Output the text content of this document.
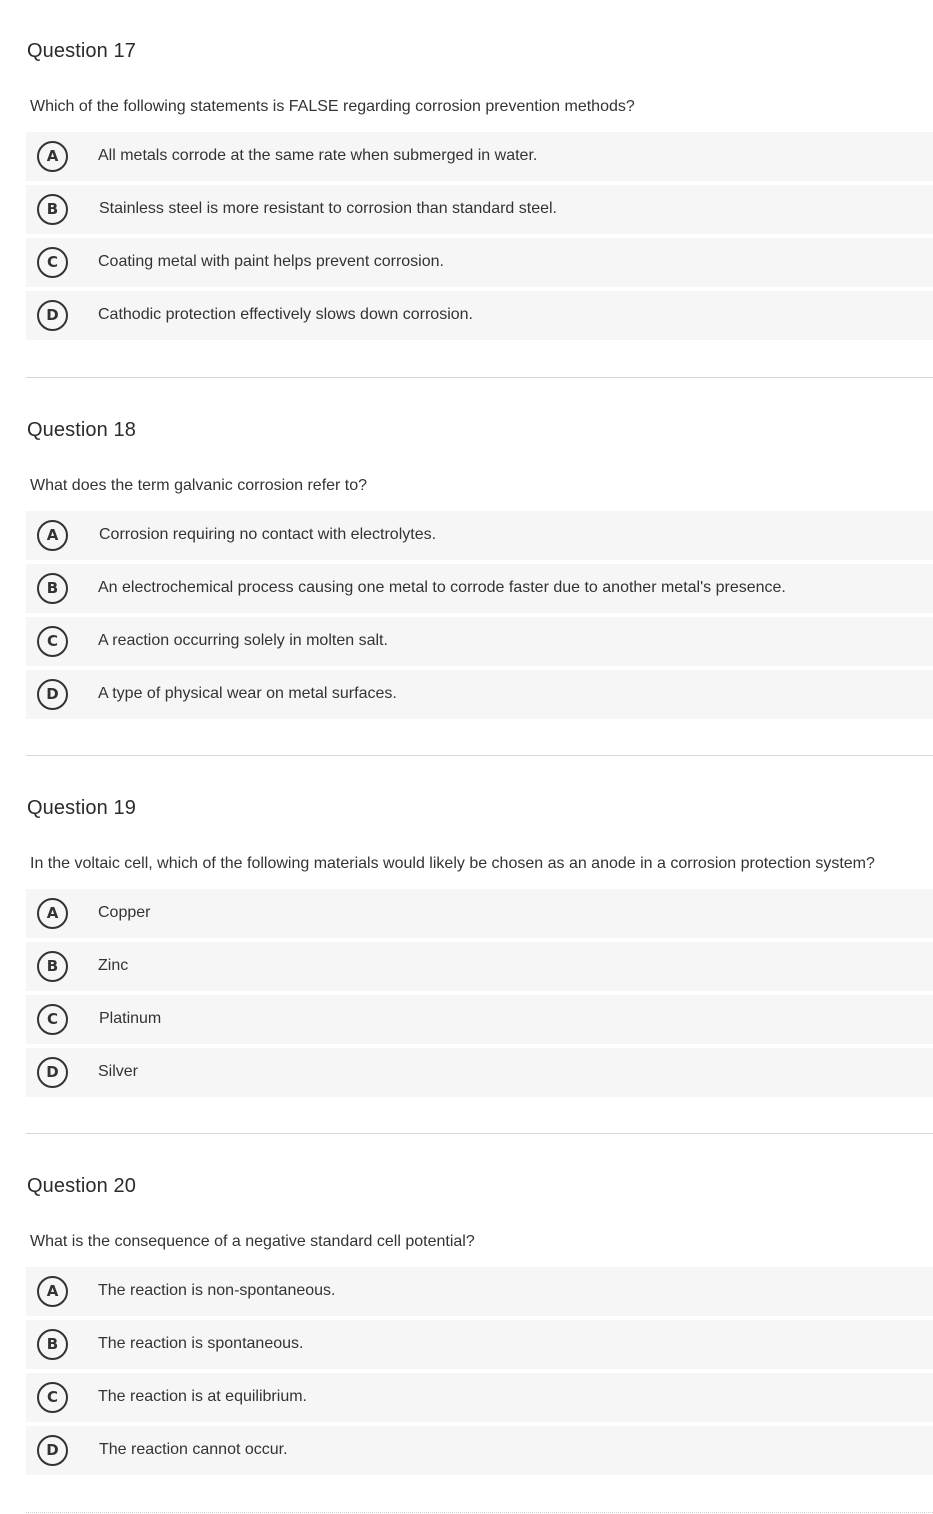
Question 17

Which of the following statements is FALSE regarding corrosion prevention methods?

A	All metals corrode at the same rate when submerged in water.
B	Stainless steel is more resistant to corrosion than standard steel.
C	Coating metal with paint helps prevent corrosion.
D	Cathodic protection effectively slows down corrosion.
Question 18

What does the term galvanic corrosion refer to?

A	Corrosion requiring no contact with electrolytes.
B	An electrochemical process causing one metal to corrode faster due to another metal's presence.
C	A reaction occurring solely in molten salt.
D	A type of physical wear on metal surfaces.
Question 19

In the voltaic cell, which of the following materials would likely be chosen as an anode in a corrosion protection system?

A	Copper
B	Zinc
C	Platinum
D	Silver
Question 20

What is the consequence of a negative standard cell potential?

A	The reaction is non-spontaneous.
B	The reaction is spontaneous.
C	The reaction is at equilibrium.
D	The reaction cannot occur.
